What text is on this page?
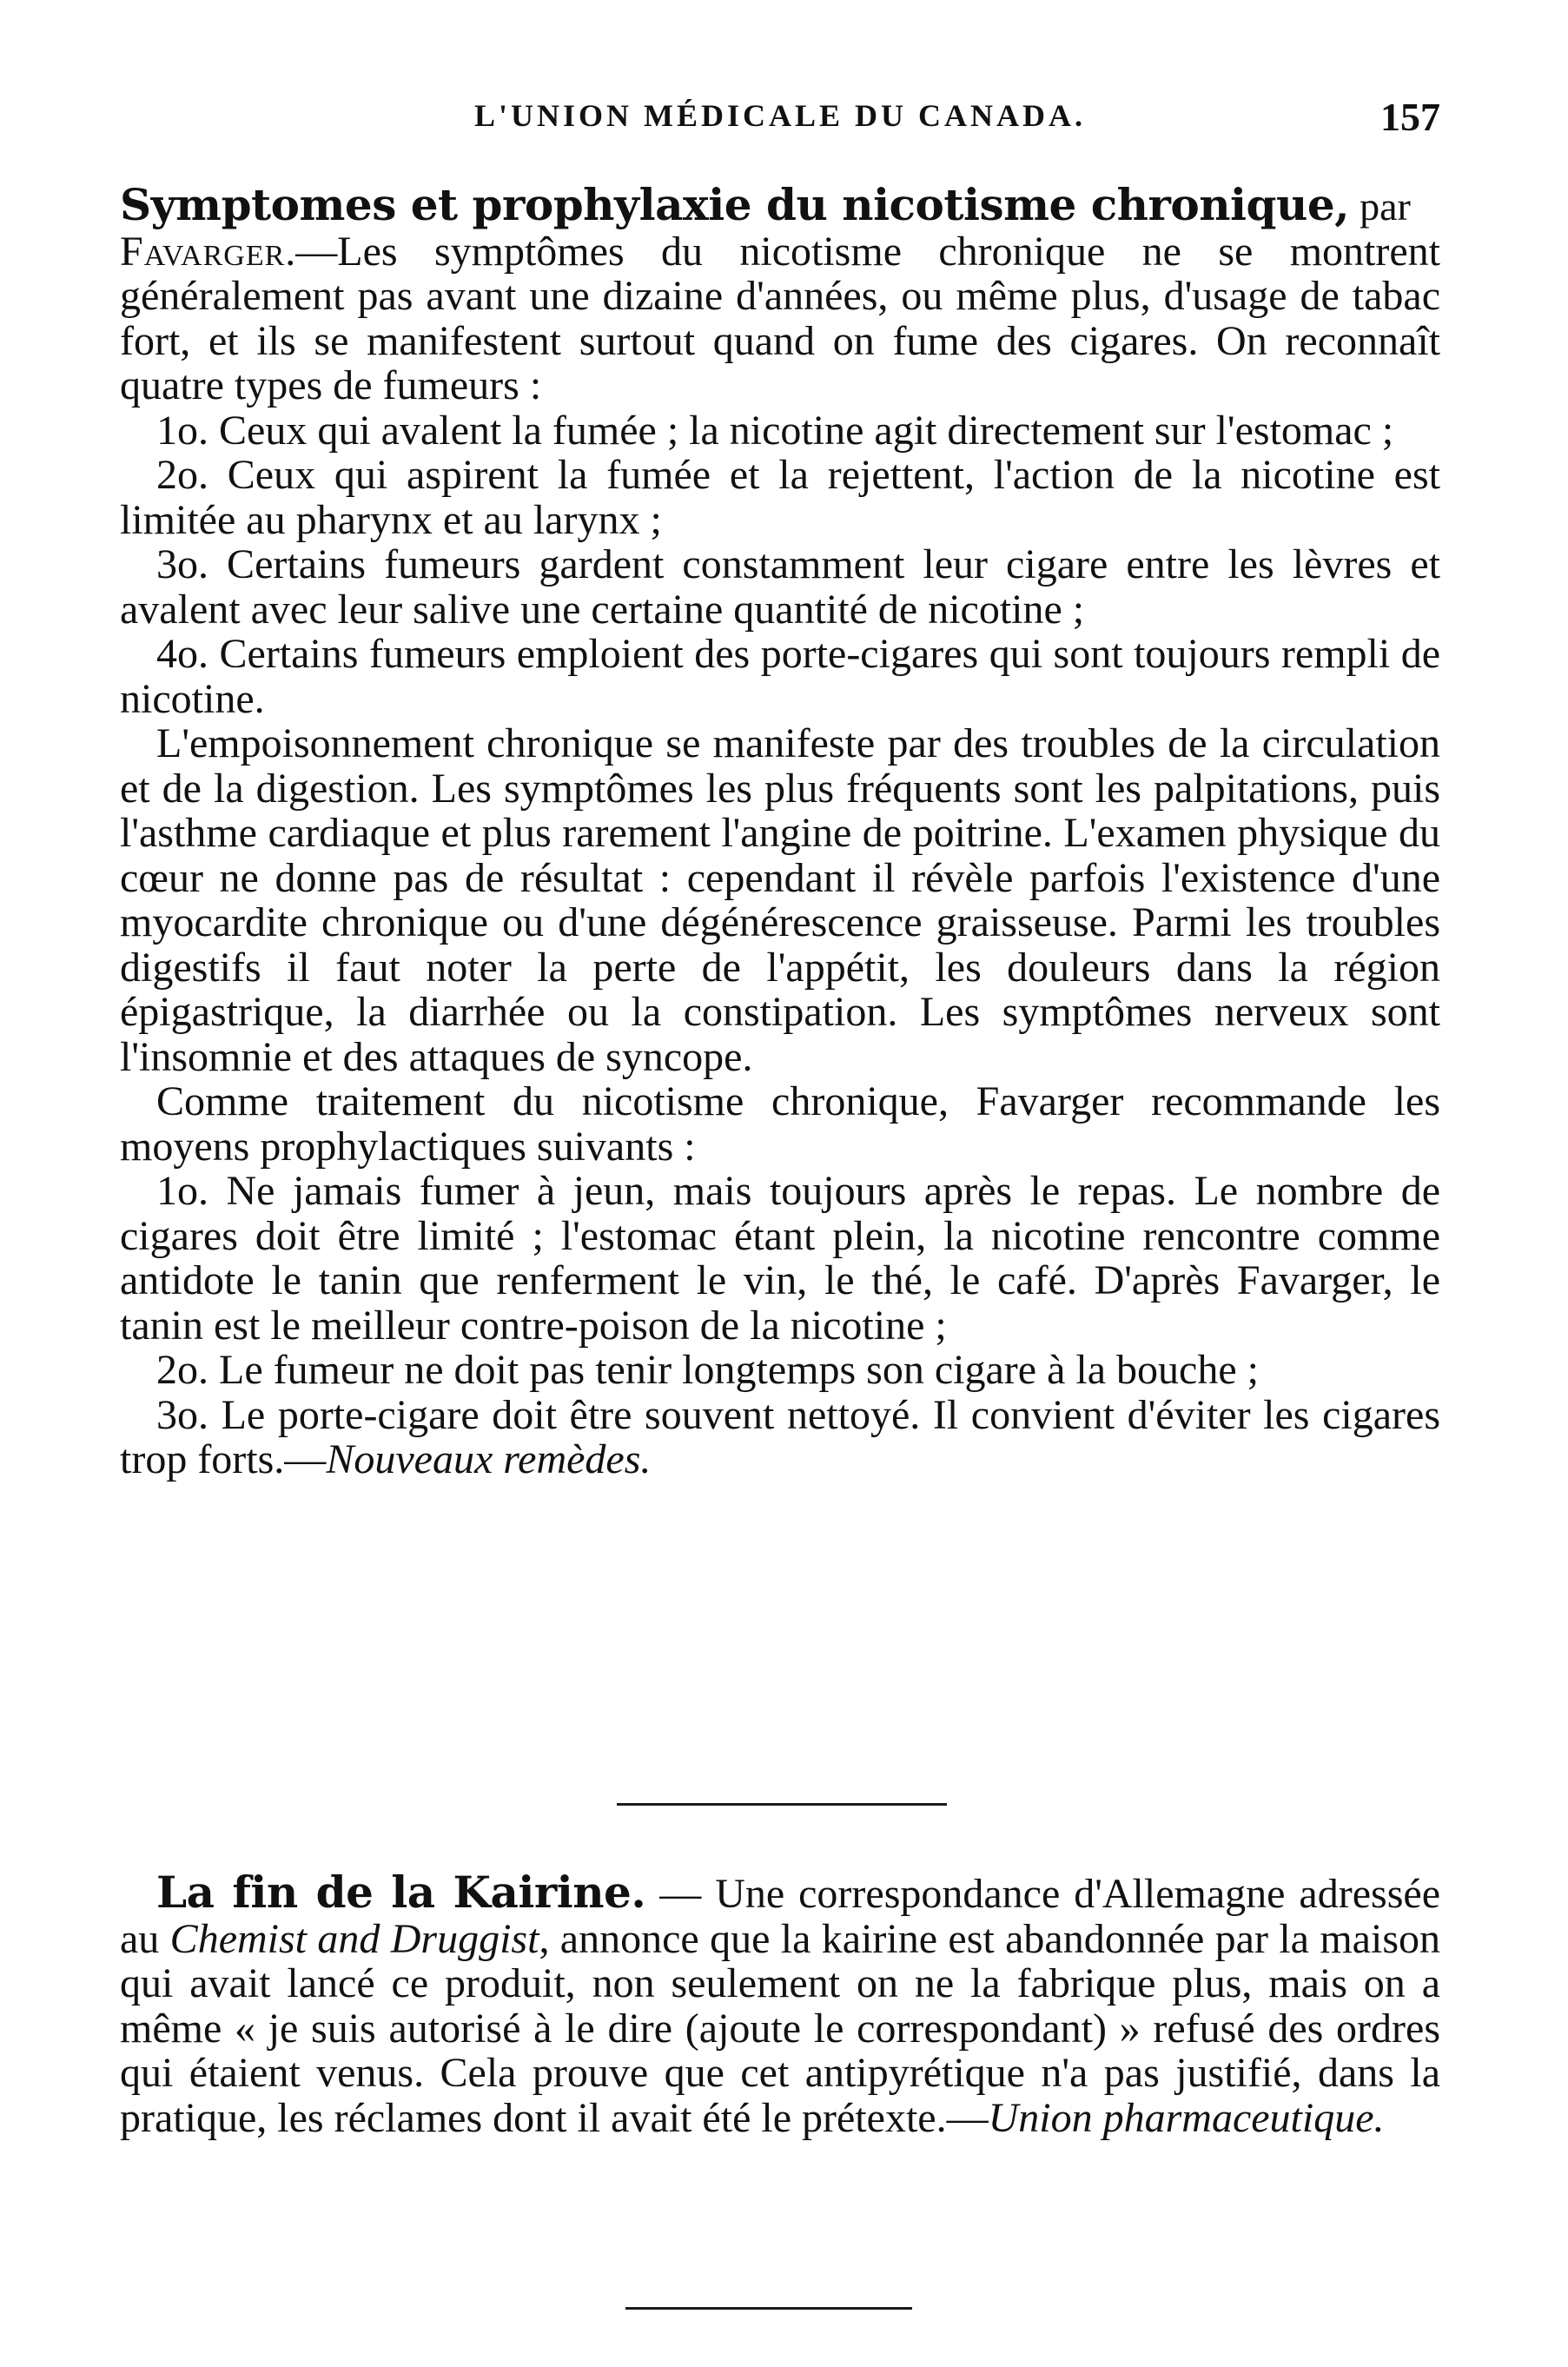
L'UNION MÉDICALE DU CANADA.	157

Symptomes et prophylaxie du nicotisme chronique, par
Favarger.—Les symptômes du nicotisme chronique ne se montrent généralement pas avant une dizaine d'années, ou même plus, d'usage de tabac fort, et ils se manifestent surtout quand on fume des cigares. On reconnaît quatre types de fumeurs :

1o. Ceux qui avalent la fumée ; la nicotine agit directement sur l'estomac ;

2o. Ceux qui aspirent la fumée et la rejettent, l'action de la nicotine est limitée au pharynx et au larynx ;

3o. Certains fumeurs gardent constamment leur cigare entre les lèvres et avalent avec leur salive une certaine quantité de nicotine ;

4o. Certains fumeurs emploient des porte-cigares qui sont toujours rempli de nicotine.

L'empoisonnement chronique se manifeste par des troubles de la circulation et de la digestion. Les symptômes les plus fréquents sont les palpitations, puis l'asthme cardiaque et plus rarement l'angine de poitrine. L'examen physique du cœur ne donne pas de résultat : cependant il révèle parfois l'existence d'une myocardite chronique ou d'une dégénérescence graisseuse. Parmi les troubles digestifs il faut noter la perte de l'appétit, les douleurs dans la région épigastrique, la diarrhée ou la constipation. Les symptômes nerveux sont l'insomnie et des attaques de syncope.

Comme traitement du nicotisme chronique, Favarger recommande les moyens prophylactiques suivants :

1o. Ne jamais fumer à jeun, mais toujours après le repas. Le nombre de cigares doit être limité ; l'estomac étant plein, la nicotine rencontre comme antidote le tanin que renferment le vin, le thé, le café. D'après Favarger, le tanin est le meilleur contre-poison de la nicotine ;

2o. Le fumeur ne doit pas tenir longtemps son cigare à la bouche ;

3o. Le porte-cigare doit être souvent nettoyé. Il convient d'éviter les cigares trop forts.—Nouveaux remèdes.

La fin de la Kairine. — Une correspondance d'Allemagne adressée au Chemist and Druggist, annonce que la kairine est abandonnée par la maison qui avait lancé ce produit, non seulement on ne la fabrique plus, mais on a même « je suis autorisé à le dire (ajoute le correspondant) » refusé des ordres qui étaient venus. Cela prouve que cet antipyrétique n'a pas justifié, dans la pratique, les réclames dont il avait été le prétexte.—Union pharmaceutique.
